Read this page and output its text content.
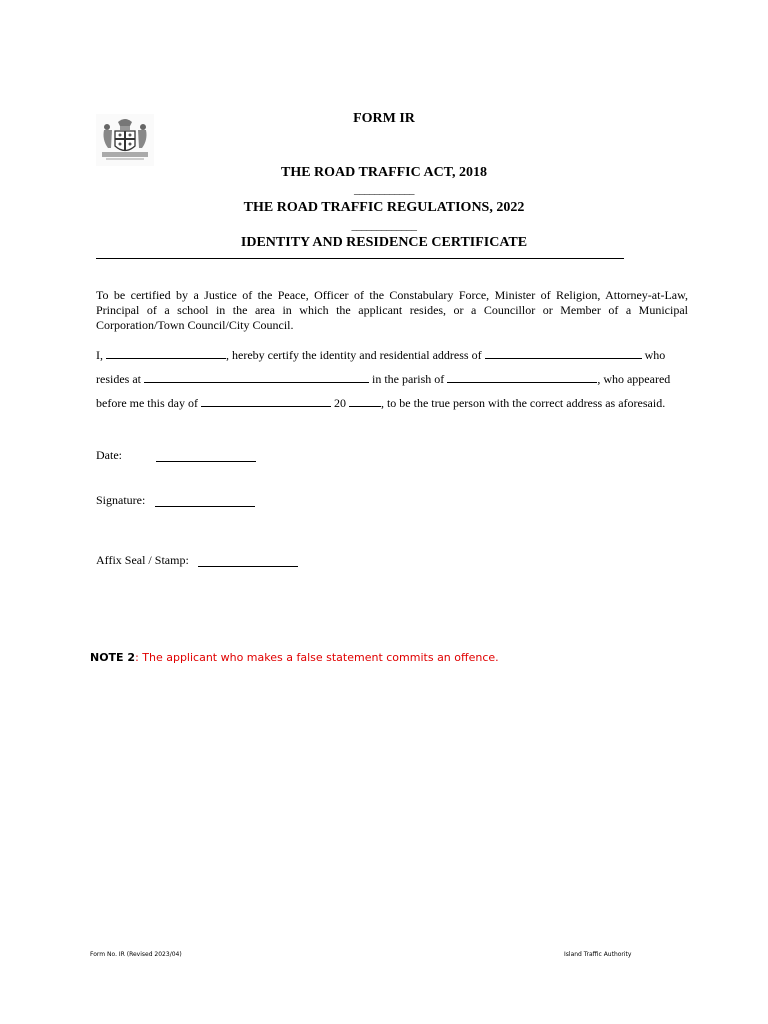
FORM IR
THE ROAD TRAFFIC ACT, 2018
____________
THE ROAD TRAFFIC REGULATIONS, 2022
_____________
IDENTITY AND RESIDENCE CERTIFICATE
To be certified by a Justice of the Peace, Officer of the Constabulary Force, Minister of Religion, Attorney-at-Law, Principal of a school in the area in which the applicant resides, or a Councillor or Member of a Municipal Corporation/Town Council/City Council.
I,	, hereby certify the identity and residential address of	who
resides at	in the parish of	, who appeared
before me this day of	20	, to be the true person with the correct address as aforesaid.
Date:
Signature:
Affix Seal / Stamp:
NOTE 2: The applicant who makes a false statement commits an offence.
Form No. IR (Revised 2023/04)	Island Traffic Authority
